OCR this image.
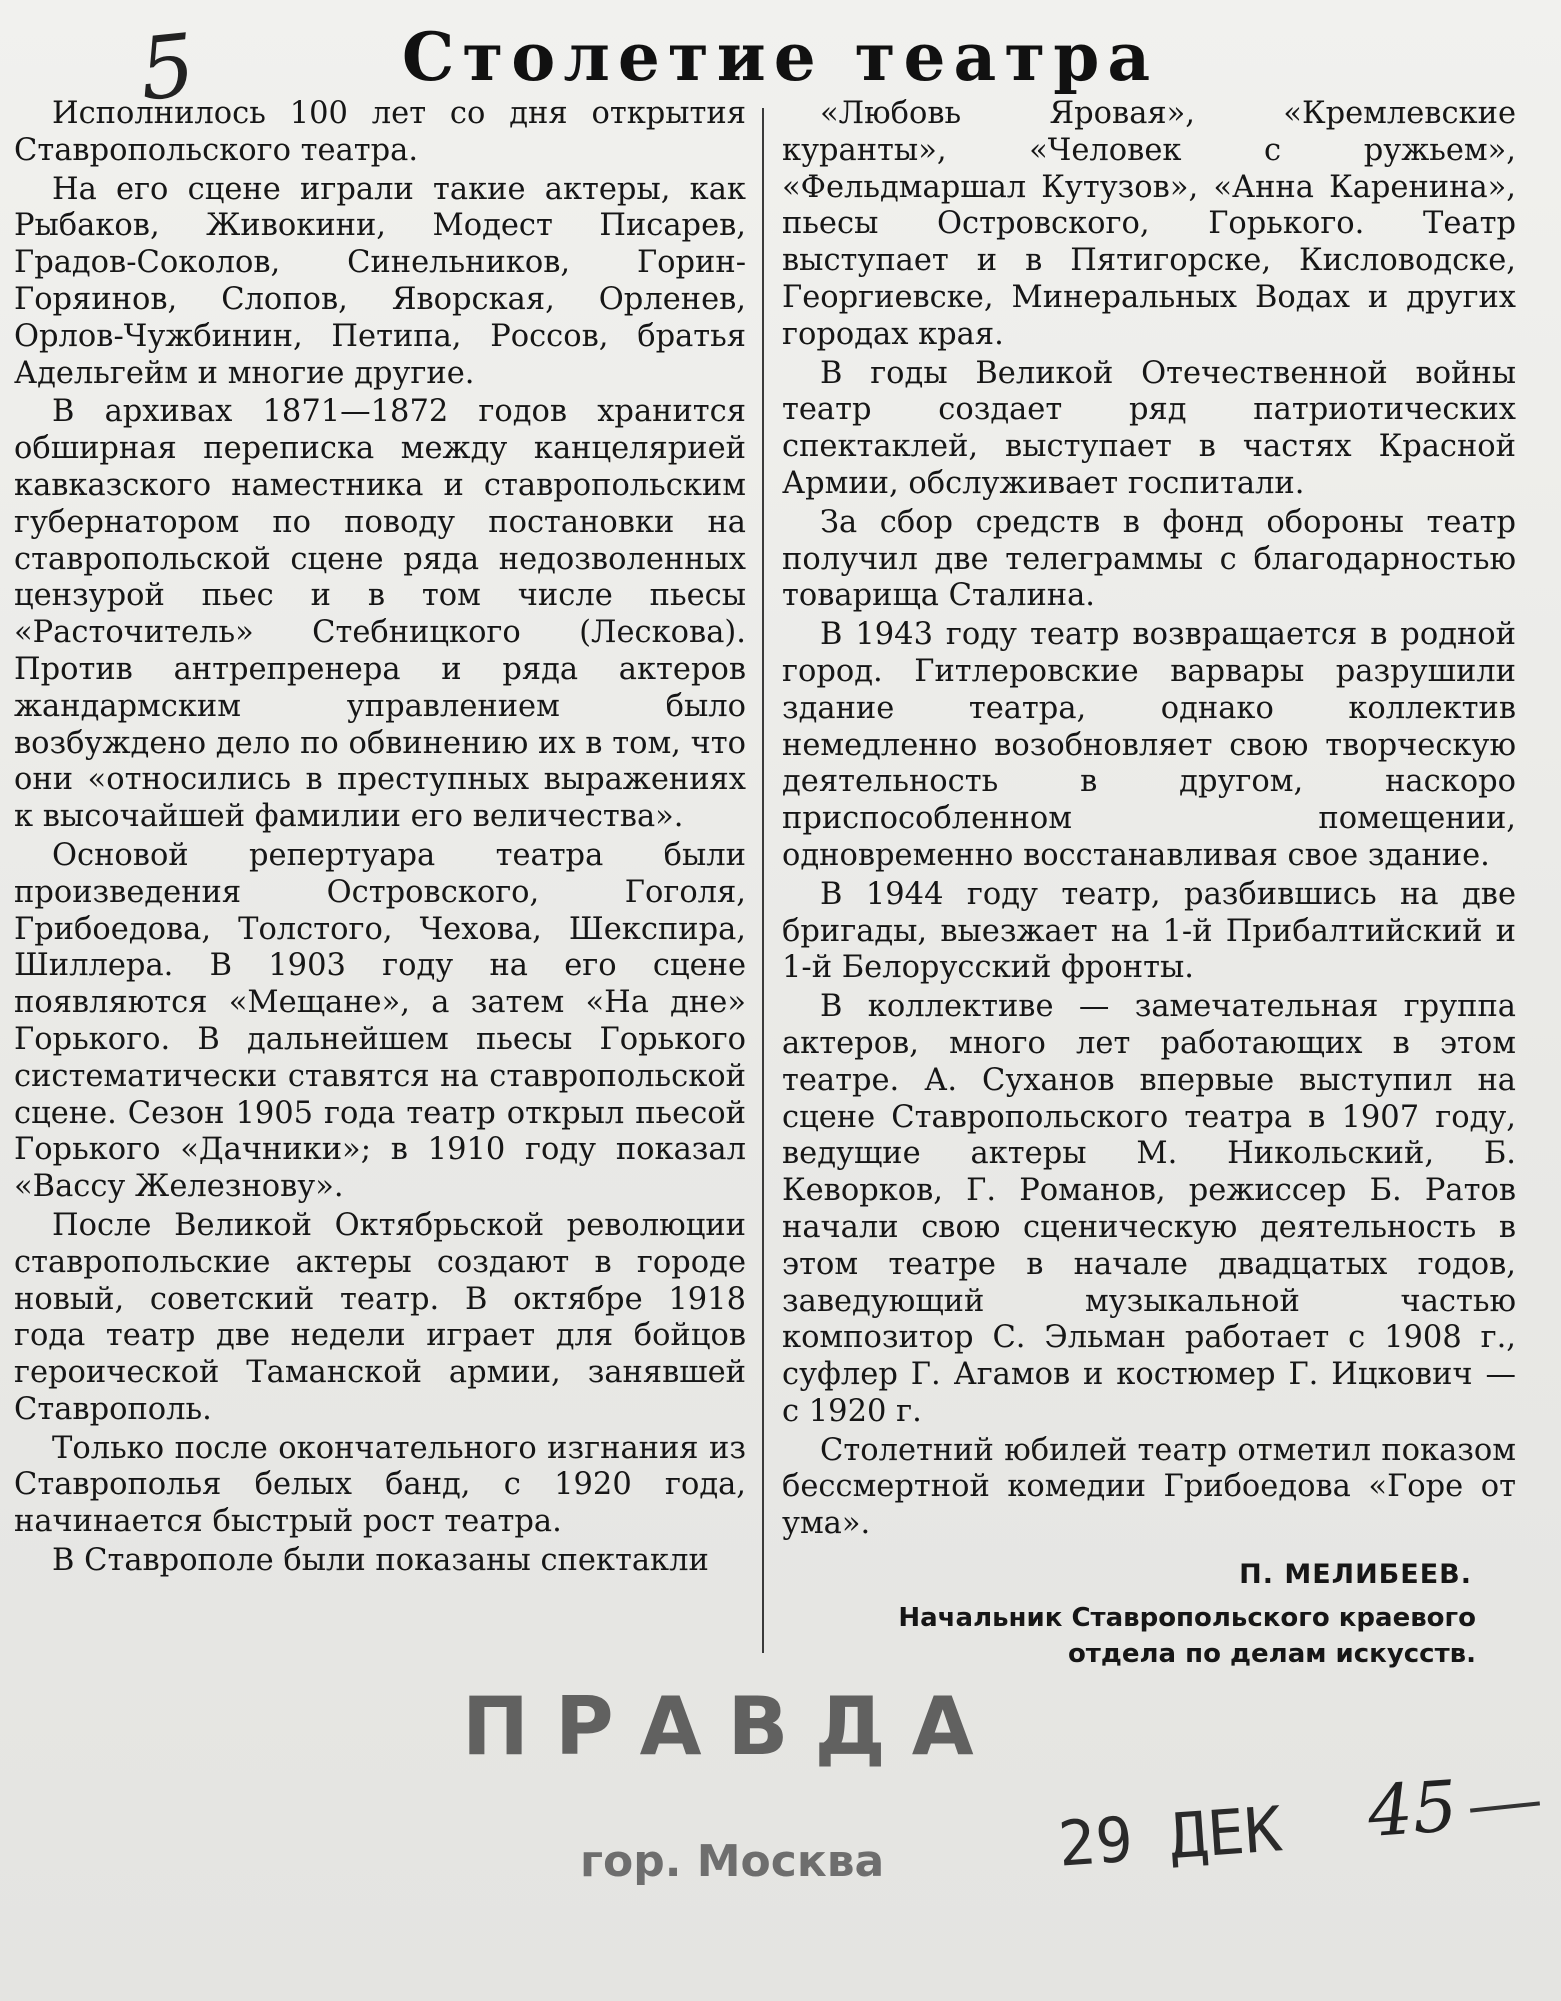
5	Столетие театра

Исполнилось 100 лет со дня открытия Ставропольского театра.

На его сцене играли такие актеры, как Рыбаков, Живокини, Модест Писарев, Градов-Соколов, Синельников, Горин-Горяинов, Слопов, Яворская, Орленев, Орлов-Чужбинин, Петипа, Россов, братья Адельгейм и многие другие.

В архивах 1871—1872 годов хранится обширная переписка между канцелярией кавказского наместника и ставропольским губернатором по поводу постановки на ставропольской сцене ряда недозволенных цензурой пьес и в том числе пьесы «Расточитель» Стебницкого (Лескова). Против антрепренера и ряда актеров жандармским управлением было возбуждено дело по обвинению их в том, что они «относились в преступных выражениях к высочайшей фамилии его величества».

Основой репертуара театра были произведения Островского, Гоголя, Грибоедова, Толстого, Чехова, Шекспира, Шиллера. В 1903 году на его сцене появляются «Мещане», а затем «На дне» Горького. В дальнейшем пьесы Горького систематически ставятся на ставропольской сцене. Сезон 1905 года театр открыл пьесой Горького «Дачники»; в 1910 году показал «Вассу Железнову».

После Великой Октябрьской революции ставропольские актеры создают в городе новый, советский театр. В октябре 1918 года театр две недели играет для бойцов героической Таманской армии, занявшей Ставрополь.

Только после окончательного изгнания из Ставрополья белых банд, с 1920 года, начинается быстрый рост театра.

В Ставрополе были показаны спектакли

«Любовь Яровая», «Кремлевские куранты», «Человек с ружьем», «Фельдмаршал Кутузов», «Анна Каренина», пьесы Островского, Горького. Театр выступает и в Пятигорске, Кисловодске, Георгиевске, Минеральных Водах и других городах края.

В годы Великой Отечественной войны театр создает ряд патриотических спектаклей, выступает в частях Красной Армии, обслуживает госпитали.

За сбор средств в фонд обороны театр получил две телеграммы с благодарностью товарища Сталина.

В 1943 году театр возвращается в родной город. Гитлеровские варвары разрушили здание театра, однако коллектив немедленно возобновляет свою творческую деятельность в другом, наскоро приспособленном помещении, одновременно восстанавливая свое здание.

В 1944 году театр, разбившись на две бригады, выезжает на 1-й Прибалтийский и 1-й Белорусский фронты.

В коллективе — замечательная группа актеров, много лет работающих в этом театре. А. Суханов впервые выступил на сцене Ставропольского театра в 1907 году, ведущие актеры М. Никольский, Б. Кеворков, Г. Романов, режиссер Б. Ратов начали свою сценическую деятельность в этом театре в начале двадцатых годов, заведующий музыкальной частью композитор С. Эльман работает с 1908 г., суфлер Г. Агамов и костюмер Г. Ицкович — с 1920 г.

Столетний юбилей театр отметил показом бессмертной комедии Грибоедова «Горе от ума».

П. МЕЛИБЕЕВ.
Начальник Ставропольского краевого
отдела по делам искусств.
ПРАВДА
гор. Москва	29 ДЕК 45
